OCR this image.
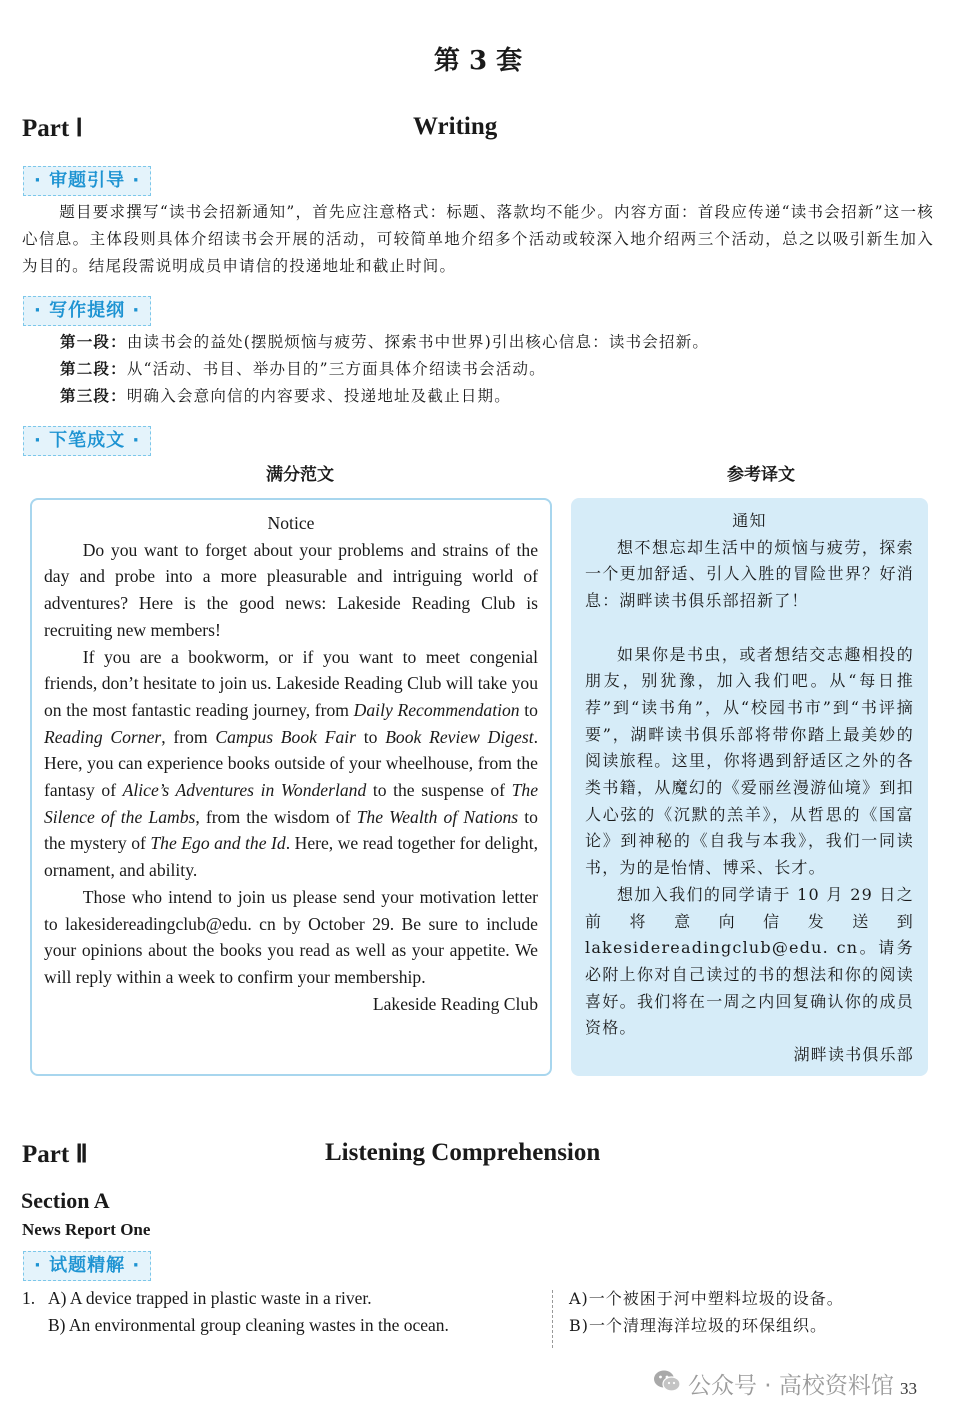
第 3 套
Part Ⅰ	Writing
· 审题引导 ·
题目要求撰写“读书会招新通知”，首先应注意格式：标题、落款均不能少。内容方面：首段应传递“读书会招新”这一核心信息。主体段则具体介绍读书会开展的活动，可较简单地介绍多个活动或较深入地介绍两三个活动，总之以吸引新生加入为目的。结尾段需说明成员申请信的投递地址和截止时间。
· 写作提纲 ·
第一段：由读书会的益处(摆脱烦恼与疲劳、探索书中世界)引出核心信息：读书会招新。
第二段：从“活动、书目、举办目的”三方面具体介绍读书会活动。
第三段：明确入会意向信的内容要求、投递地址及截止日期。
· 下笔成文 ·
满分范文	参考译文

Notice

Do you want to forget about your problems and strains of the day and probe into a more pleasurable and intriguing world of adventures? Here is the good news: Lakeside Reading Club is recruiting new members!

If you are a bookworm, or if you want to meet congenial friends, don’t hesitate to join us. Lakeside Reading Club will take you on the most fantastic reading journey, from Daily Recommendation to Reading Corner, from Campus Book Fair to Book Review Digest. Here, you can experience books outside of your wheelhouse, from the fantasy of Alice’s Adventures in Wonderland to the suspense of The Silence of the Lambs, from the wisdom of The Wealth of Nations to the mystery of The Ego and the Id. Here, we read together for delight, ornament, and ability.

Those who intend to join us please send your motivation letter to lakesidereadingclub@edu. cn by October 29. Be sure to include your opinions about the books you read as well as your appetite. We will reply within a week to confirm your membership.

Lakeside Reading Club

通知

想不想忘却生活中的烦恼与疲劳，探索一个更加舒适、引人入胜的冒险世界？好消息：湖畔读书俱乐部招新了！

如果你是书虫，或者想结交志趣相投的朋友，别犹豫，加入我们吧。从“每日推荐”到“读书角”，从“校园书市”到“书评摘要”，湖畔读书俱乐部将带你踏上最美妙的阅读旅程。这里，你将遇到舒适区之外的各类书籍，从魔幻的《爱丽丝漫游仙境》到扣人心弦的《沉默的羔羊》，从哲思的《国富论》到神秘的《自我与本我》，我们一同读书，为的是怡情、博采、长才。

想加入我们的同学请于 10 月 29 日之前将意向信发送到 lakesidereadingclub@edu. cn。请务必附上你对自己读过的书的想法和你的阅读喜好。我们将在一周之内回复确认你的成员资格。

湖畔读书俱乐部

Part Ⅱ	Listening Comprehension
Section A
News Report One
· 试题精解 ·
1. A) A device trapped in plastic waste in a river.
B) An environmental group cleaning wastes in the ocean.
A)一个被困于河中塑料垃圾的设备。
B)一个清理海洋垃圾的环保组织。
公众号 · 高校资料馆 33
